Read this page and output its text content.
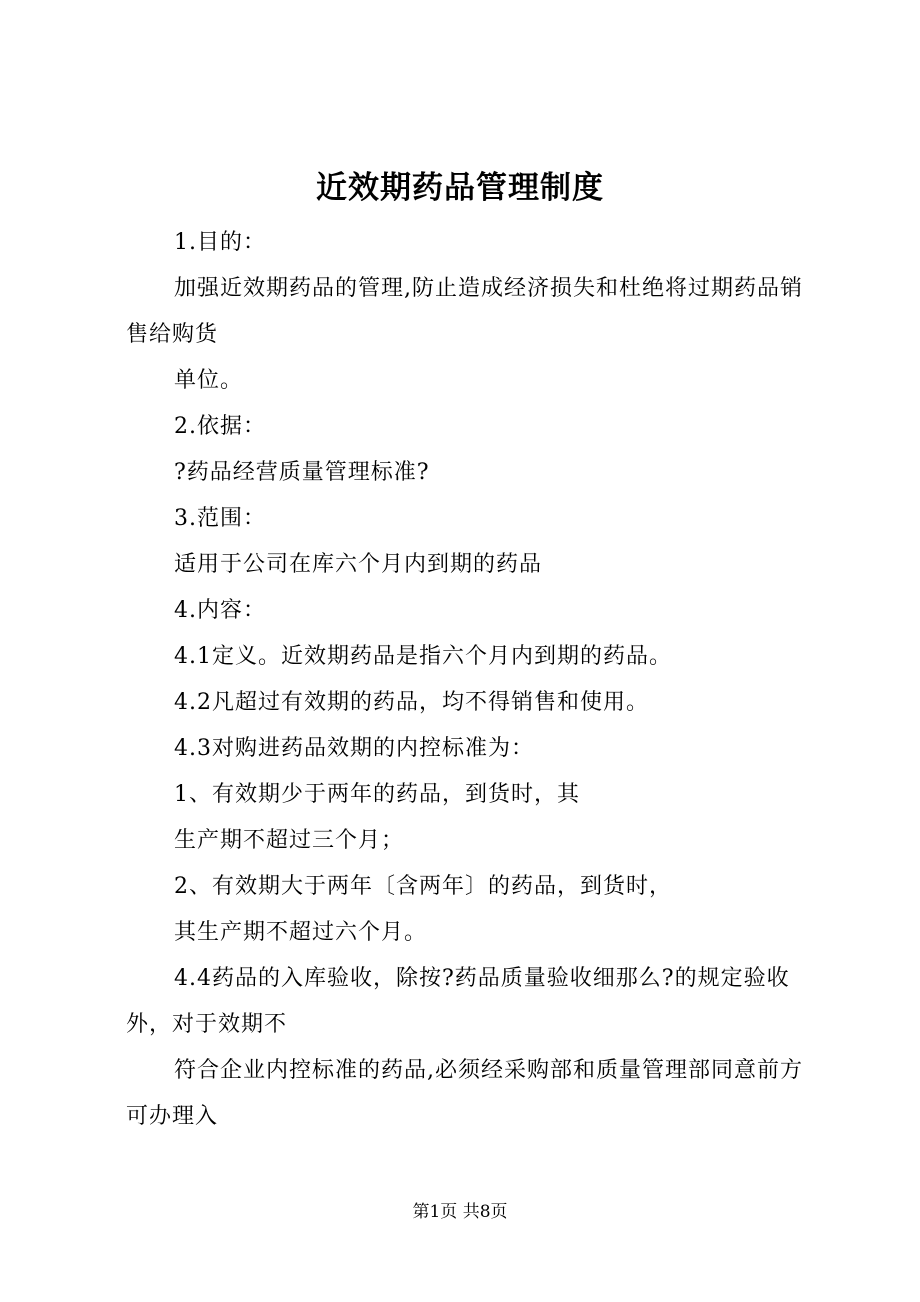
近效期药品管理制度

1.目的：

加强近效期药品的管理,防止造成经济损失和杜绝将过期药品销售给购货

单位。

2.依据：

?药品经营质量管理标准?

3.范围：

适用于公司在库六个月内到期的药品

4.内容：

4.1定义。近效期药品是指六个月内到期的药品。

4.2凡超过有效期的药品，均不得销售和使用。

4.3对购进药品效期的内控标准为：

1、有效期少于两年的药品，到货时，其

生产期不超过三个月；

2、有效期大于两年〔含两年〕的药品，到货时，

其生产期不超过六个月。

4.4药品的入库验收，除按?药品质量验收细那么?的规定验收外，对于效期不

符合企业内控标准的药品,必须经采购部和质量管理部同意前方可办理入

第1页 共8页
